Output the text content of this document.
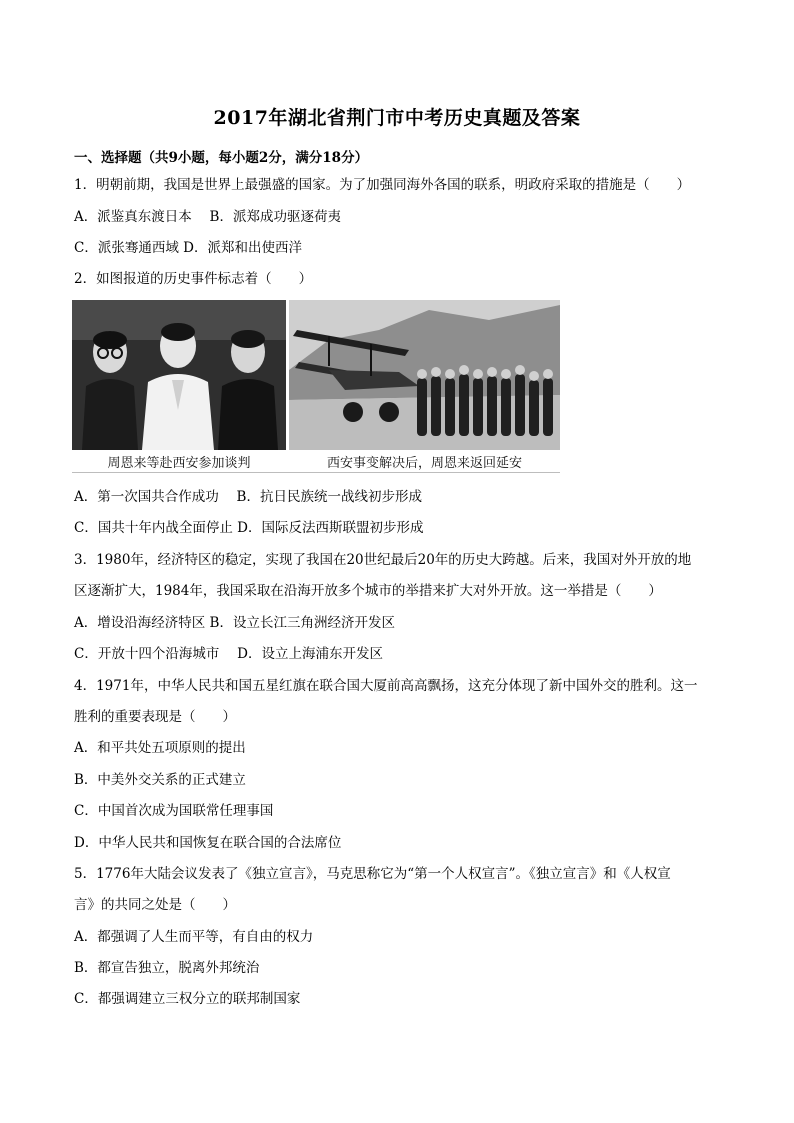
2017年湖北省荆门市中考历史真题及答案
一、选择题（共9小题，每小题2分，满分18分）
1．明朝前期，我国是世界上最强盛的国家。为了加强同海外各国的联系，明政府采取的措施是（　　）
A．派鉴真东渡日本　 B．派郑成功驱逐荷夷
C．派张骞通西域 D．派郑和出使西洋
2．如图报道的历史事件标志着（　　）
周恩来等赴西安参加谈判	西安事变解决后，周恩来返回延安
A．第一次国共合作成功　 B．抗日民族统一战线初步形成
C．国共十年内战全面停止 D．国际反法西斯联盟初步形成
3．1980年，经济特区的稳定，实现了我国在20世纪最后20年的历史大跨越。后来，我国对外开放的地
区逐渐扩大，1984年，我国采取在沿海开放多个城市的举措来扩大对外开放。这一举措是（　　）
A．增设沿海经济特区 B．设立长江三角洲经济开发区
C．开放十四个沿海城市　 D．设立上海浦东开发区
4．1971年，中华人民共和国五星红旗在联合国大厦前高高飘扬，这充分体现了新中国外交的胜利。这一
胜利的重要表现是（　　）
A．和平共处五项原则的提出
B．中美外交关系的正式建立
C．中国首次成为国联常任理事国
D．中华人民共和国恢复在联合国的合法席位
5．1776年大陆会议发表了《独立宣言》，马克思称它为“第一个人权宣言”。《独立宣言》和《人权宣
言》的共同之处是（　　）
A．都强调了人生而平等，有自由的权力
B．都宣告独立，脱离外邦统治
C．都强调建立三权分立的联邦制国家
